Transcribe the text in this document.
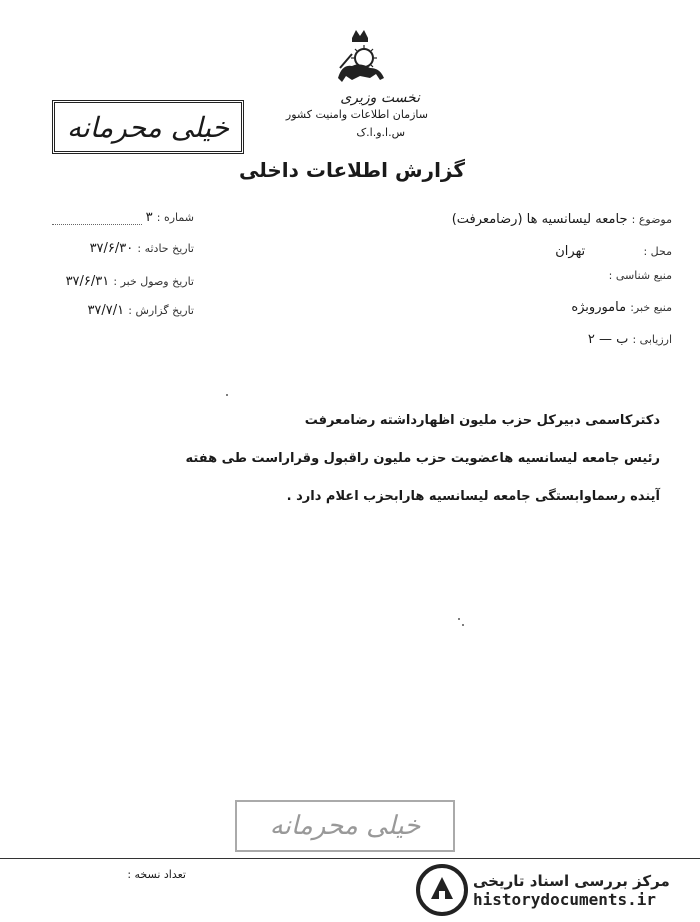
نخست وزیری
سازمان اطلاعات وامنیت کشور
س.ا.و.ا.ک
گزارش اطلاعات داخلی
خیلی محرمانه
موضوع : جامعه لیسانسیه ها (رضامعرفت)
محل :  تهران
منبع شناسی :
منبع خبر: ماموروبژه
ارزیابی : ب — ۲
شماره : ۳
تاریخ حادثه : ۳۷/۶/۳۰
تاریخ وصول خبر : ۳۷/۶/۳۱
تاریخ گزارش : ۳۷/۷/۱
دکترکاسمی دبیرکل حزب ملیون اظهارداشته رضامعرفت
رئیس جامعه لیسانسیه هاعضویت حزب ملیون راقبول وقراراست طی هفته
آینده رسماوابستگی جامعه لیسانسیه هارابحزب اعلام دارد .
خیلی محرمانه
تعداد نسخه :	مرکز بررسی اسناد تاریخی
historydocuments.ir
